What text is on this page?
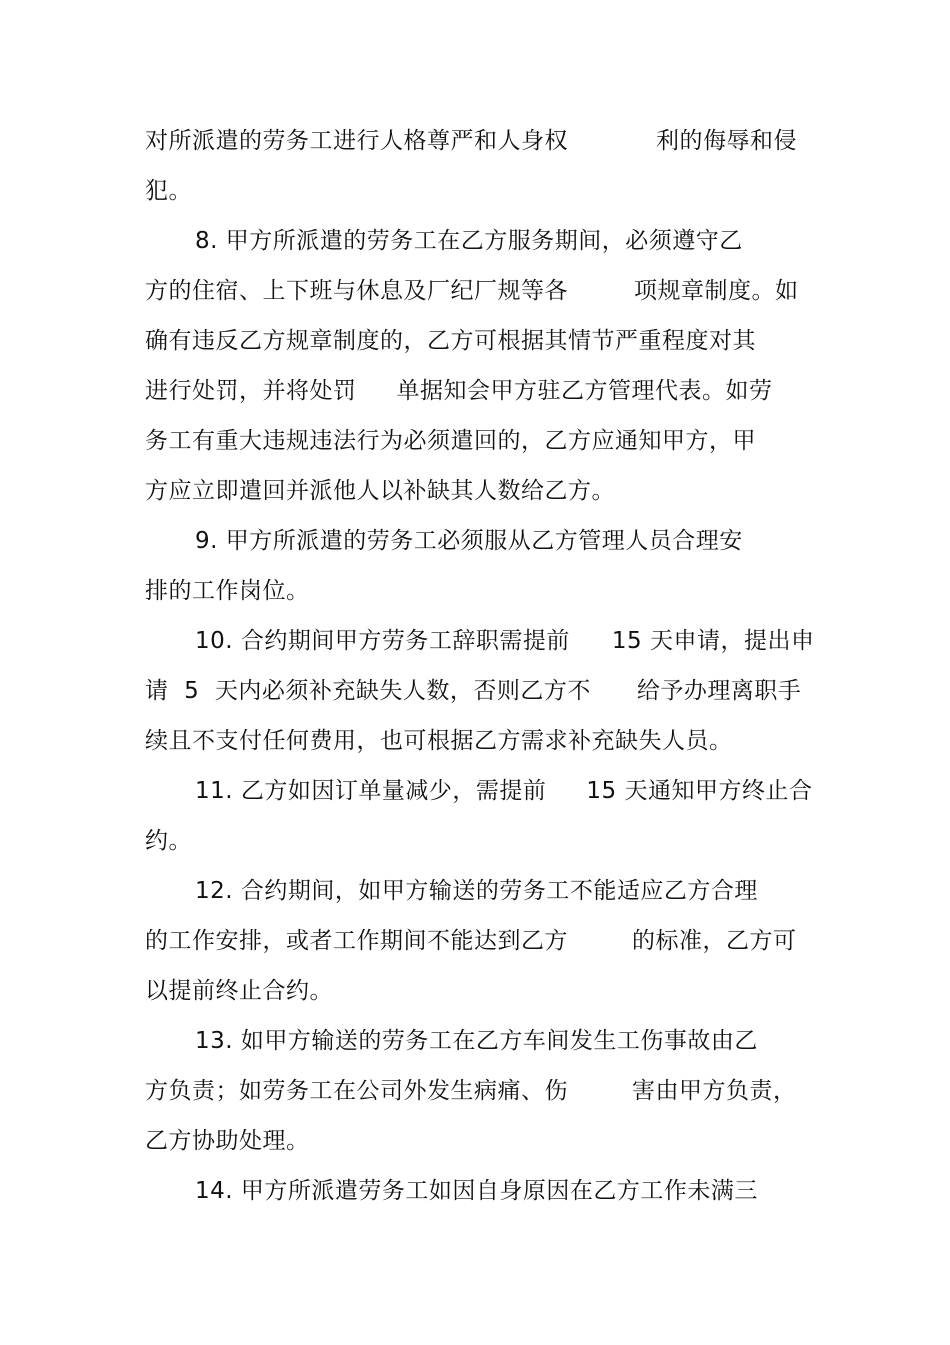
对所派遣的劳务工进行人格尊严和人身权	利的侮辱和侵
犯。
8. 甲方所派遣的劳务工在乙方服务期间，必须遵守乙
方的住宿、上下班与休息及厂纪厂规等各	项规章制度。如
确有违反乙方规章制度的，乙方可根据其情节严重程度对其
进行处罚，并将处罚 单据知会甲方驻乙方管理代表。如劳
务工有重大违规违法行为必须遣回的，乙方应通知甲方，甲
方应立即遣回并派他人以补缺其人数给乙方。
9. 甲方所派遣的劳务工必须服从乙方管理人员合理安
排的工作岗位。
10. 合约期间甲方劳务工辞职需提前 15 天申请，提出申
请  5  天内必须补充缺失人数，否则乙方不 给予办理离职手
续且不支付任何费用，也可根据乙方需求补充缺失人员。
11. 乙方如因订单量减少，需提前 15 天通知甲方终止合
约。
12. 合约期间，如甲方输送的劳务工不能适应乙方合理
的工作安排，或者工作期间不能达到乙方	的标准，乙方可
以提前终止合约。
13. 如甲方输送的劳务工在乙方车间发生工伤事故由乙
方负责；如劳务工在公司外发生病痛、伤	害由甲方负责，
乙方协助处理。
14. 甲方所派遣劳务工如因自身原因在乙方工作未满三
